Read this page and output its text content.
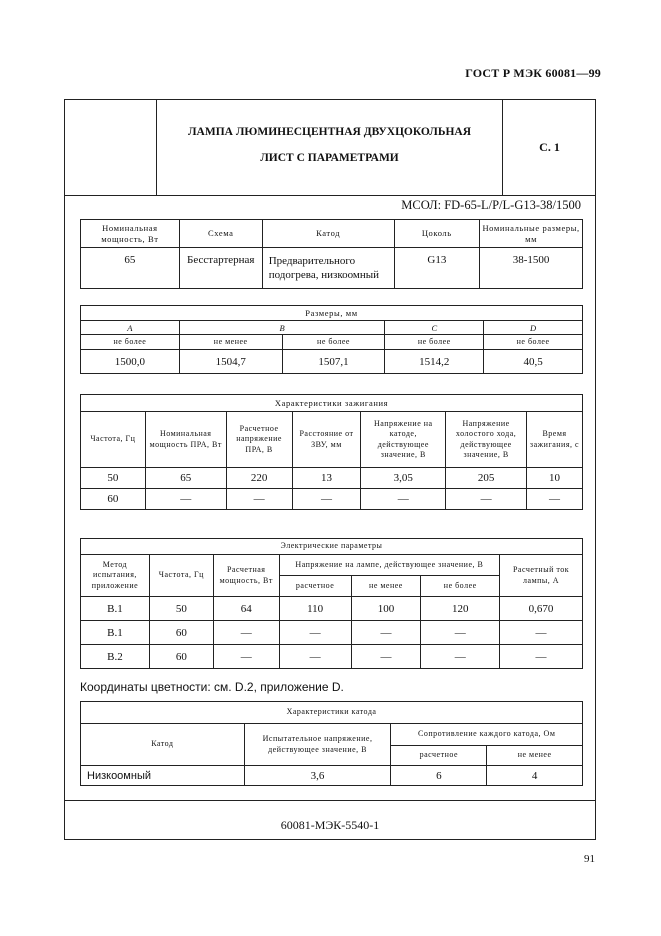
ГОСТ Р МЭК 60081—99
ЛАМПА ЛЮМИНЕСЦЕНТНАЯ ДВУХЦОКОЛЬНАЯ
ЛИСТ С ПАРАМЕТРАМИ
С. 1
МСОЛ: FD-65-L/P/L-G13-38/1500
Номинальная мощность, Вт	Схема	Катод	Цоколь	Номинальные размеры, мм
65	Бесстартерная	Предварительного подогрева, низкоомный	G13	38-1500
Размеры, мм				
A	B		C	D
не более	не менее	не более	не более	не более
1500,0	1504,7	1507,1	1514,2	40,5
Характеристики зажигания						
Частота, Гц	Номинальная мощность ПРА, Вт	Расчетное напряжение ПРА, В	Расстояние от ЗВУ, мм	Напряжение на катоде, действующее значение, В	Напряжение холостого хода, действующее значение, В	Время зажигания, с
50	65	220	13	3,05	205	10
60	—	—	—	—	—	—
Электрические параметры						
Метод испытания, приложение	Частота, Гц	Расчетная мощность, Вт	Напряжение на лампе, действующее значение, В			Расчетный ток лампы, А
			расчетное	не менее	не более	
В.1	50	64	110	100	120	0,670
В.1	60	—	—	—	—	—
В.2	60	—	—	—	—	—
Координаты цветности: см. D.2, приложение D.
Характеристики катода			
Катод	Испытательное напряжение, действующее значение, В	Сопротивление каждого катода, Ом	
		расчетное	не менее
Низкоомный	3,6	6	4
60081-МЭК-5540-1
91
